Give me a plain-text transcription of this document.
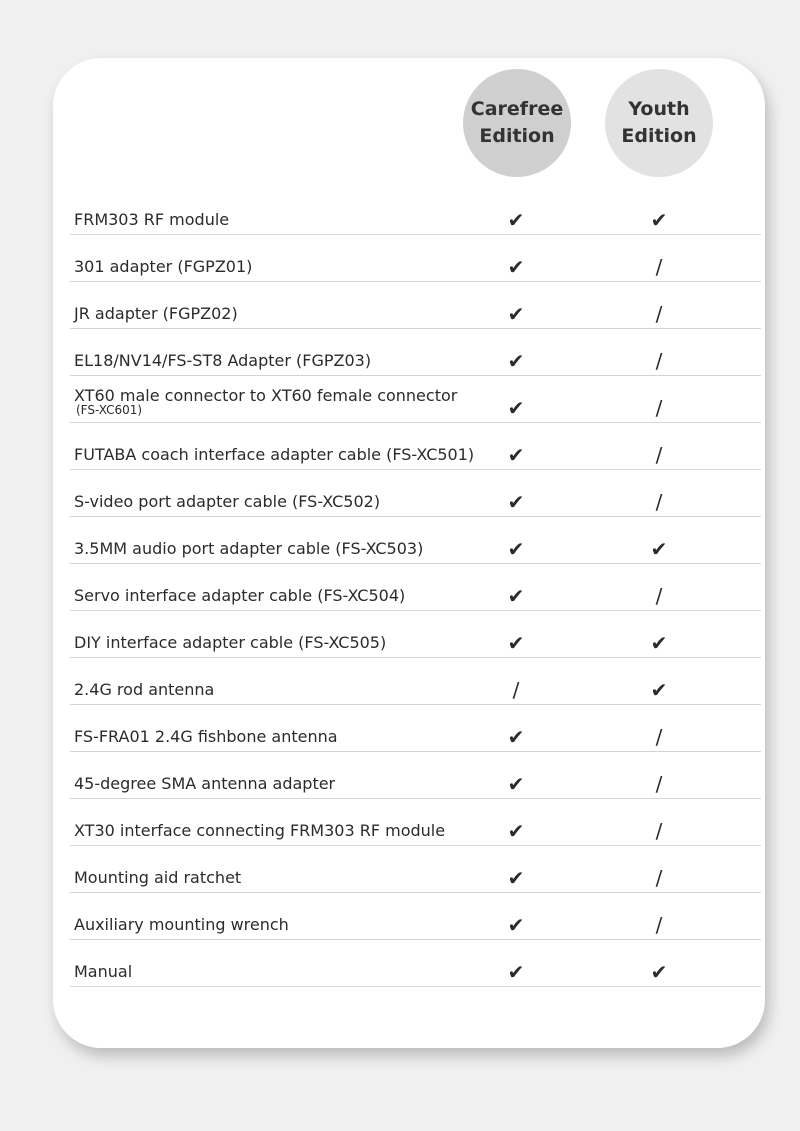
Carefree
Edition
Youth
Edition
FRM303 RF module	✔	✔
301 adapter (FGPZ01)	✔	/
JR adapter (FGPZ02)	✔	/
EL18/NV14/FS-ST8 Adapter (FGPZ03)	✔	/
XT60 male connector to XT60 female connector
(FS-XC601)	✔	/
FUTABA coach interface adapter cable (FS-XC501)	✔	/
S-video port adapter cable (FS-XC502)	✔	/
3.5MM audio port adapter cable (FS-XC503)	✔	✔
Servo interface adapter cable (FS-XC504)	✔	/
DIY interface adapter cable (FS-XC505)	✔	✔
2.4G rod antenna	/	✔
FS-FRA01 2.4G fishbone antenna	✔	/
45-degree SMA antenna adapter	✔	/
XT30 interface connecting FRM303 RF module	✔	/
Mounting aid ratchet	✔	/
Auxiliary mounting wrench	✔	/
Manual	✔	✔
